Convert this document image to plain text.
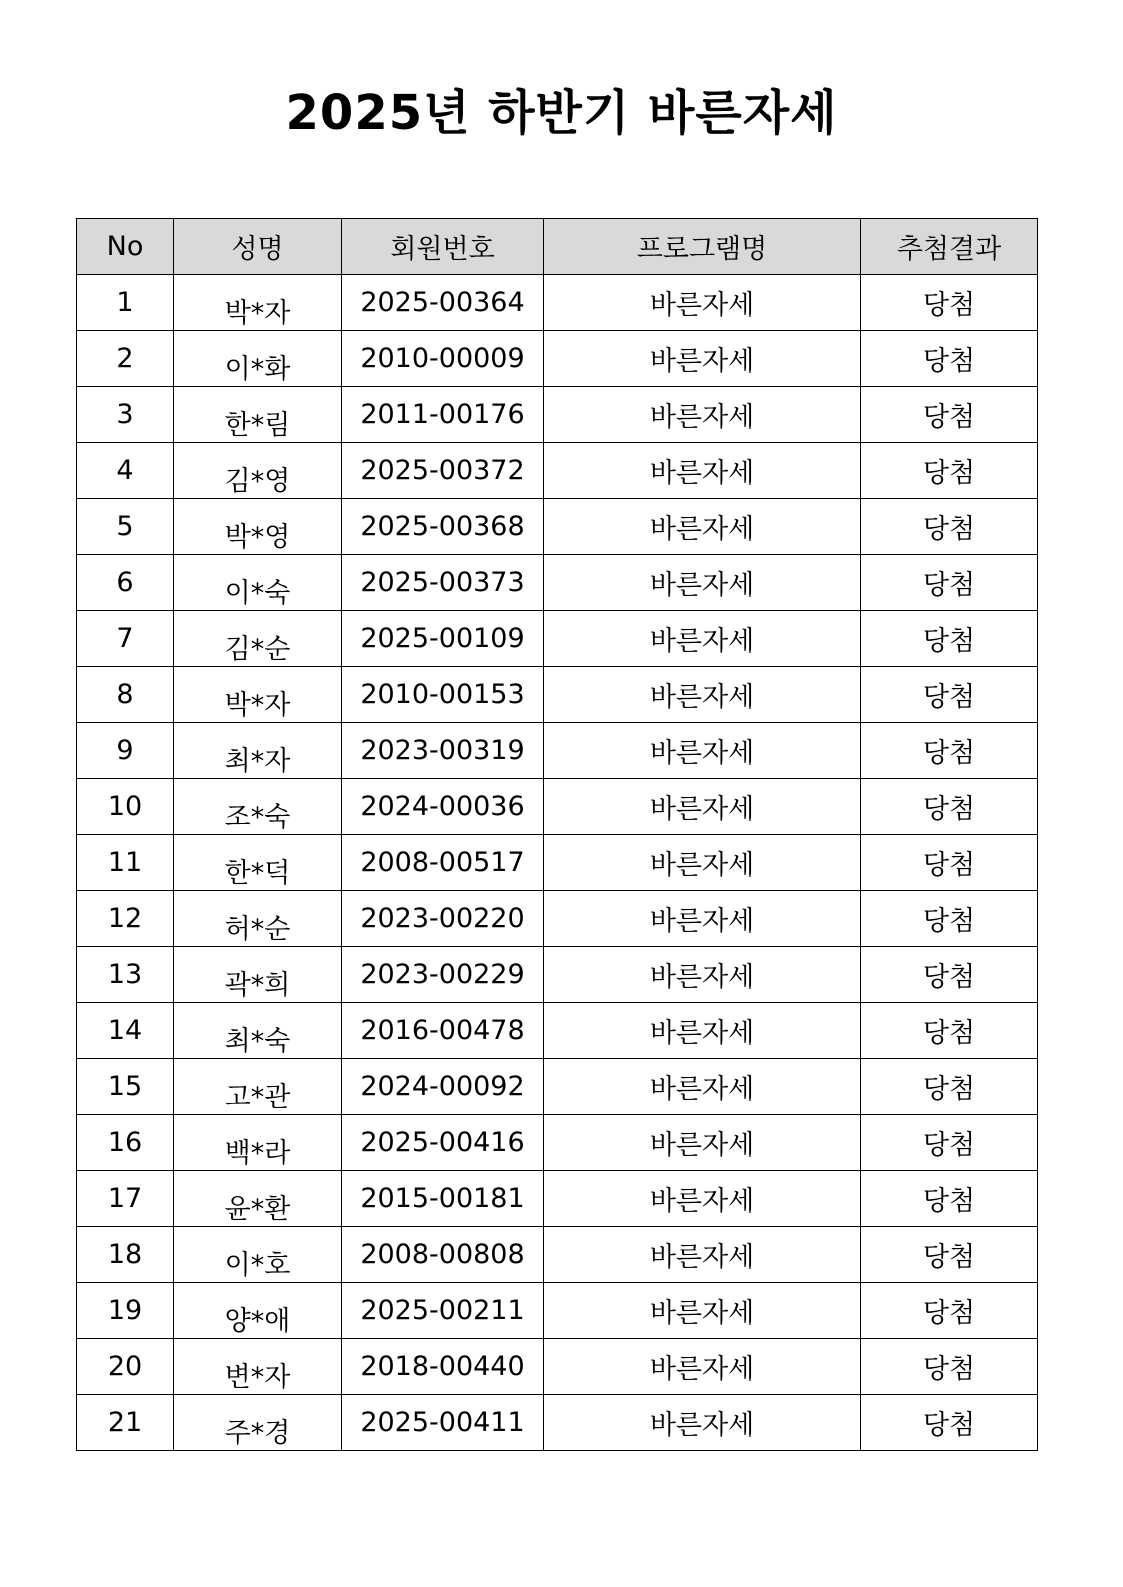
2025년 하반기 바른자세
No	성명	회원번호	프로그램명	추첨결과
1	박*자	2025-00364	바른자세	당첨
2	이*화	2010-00009	바른자세	당첨
3	한*림	2011-00176	바른자세	당첨
4	김*영	2025-00372	바른자세	당첨
5	박*영	2025-00368	바른자세	당첨
6	이*숙	2025-00373	바른자세	당첨
7	김*순	2025-00109	바른자세	당첨
8	박*자	2010-00153	바른자세	당첨
9	최*자	2023-00319	바른자세	당첨
10	조*숙	2024-00036	바른자세	당첨
11	한*덕	2008-00517	바른자세	당첨
12	허*순	2023-00220	바른자세	당첨
13	곽*희	2023-00229	바른자세	당첨
14	최*숙	2016-00478	바른자세	당첨
15	고*관	2024-00092	바른자세	당첨
16	백*라	2025-00416	바른자세	당첨
17	윤*환	2015-00181	바른자세	당첨
18	이*호	2008-00808	바른자세	당첨
19	양*애	2025-00211	바른자세	당첨
20	변*자	2018-00440	바른자세	당첨
21	주*경	2025-00411	바른자세	당첨
